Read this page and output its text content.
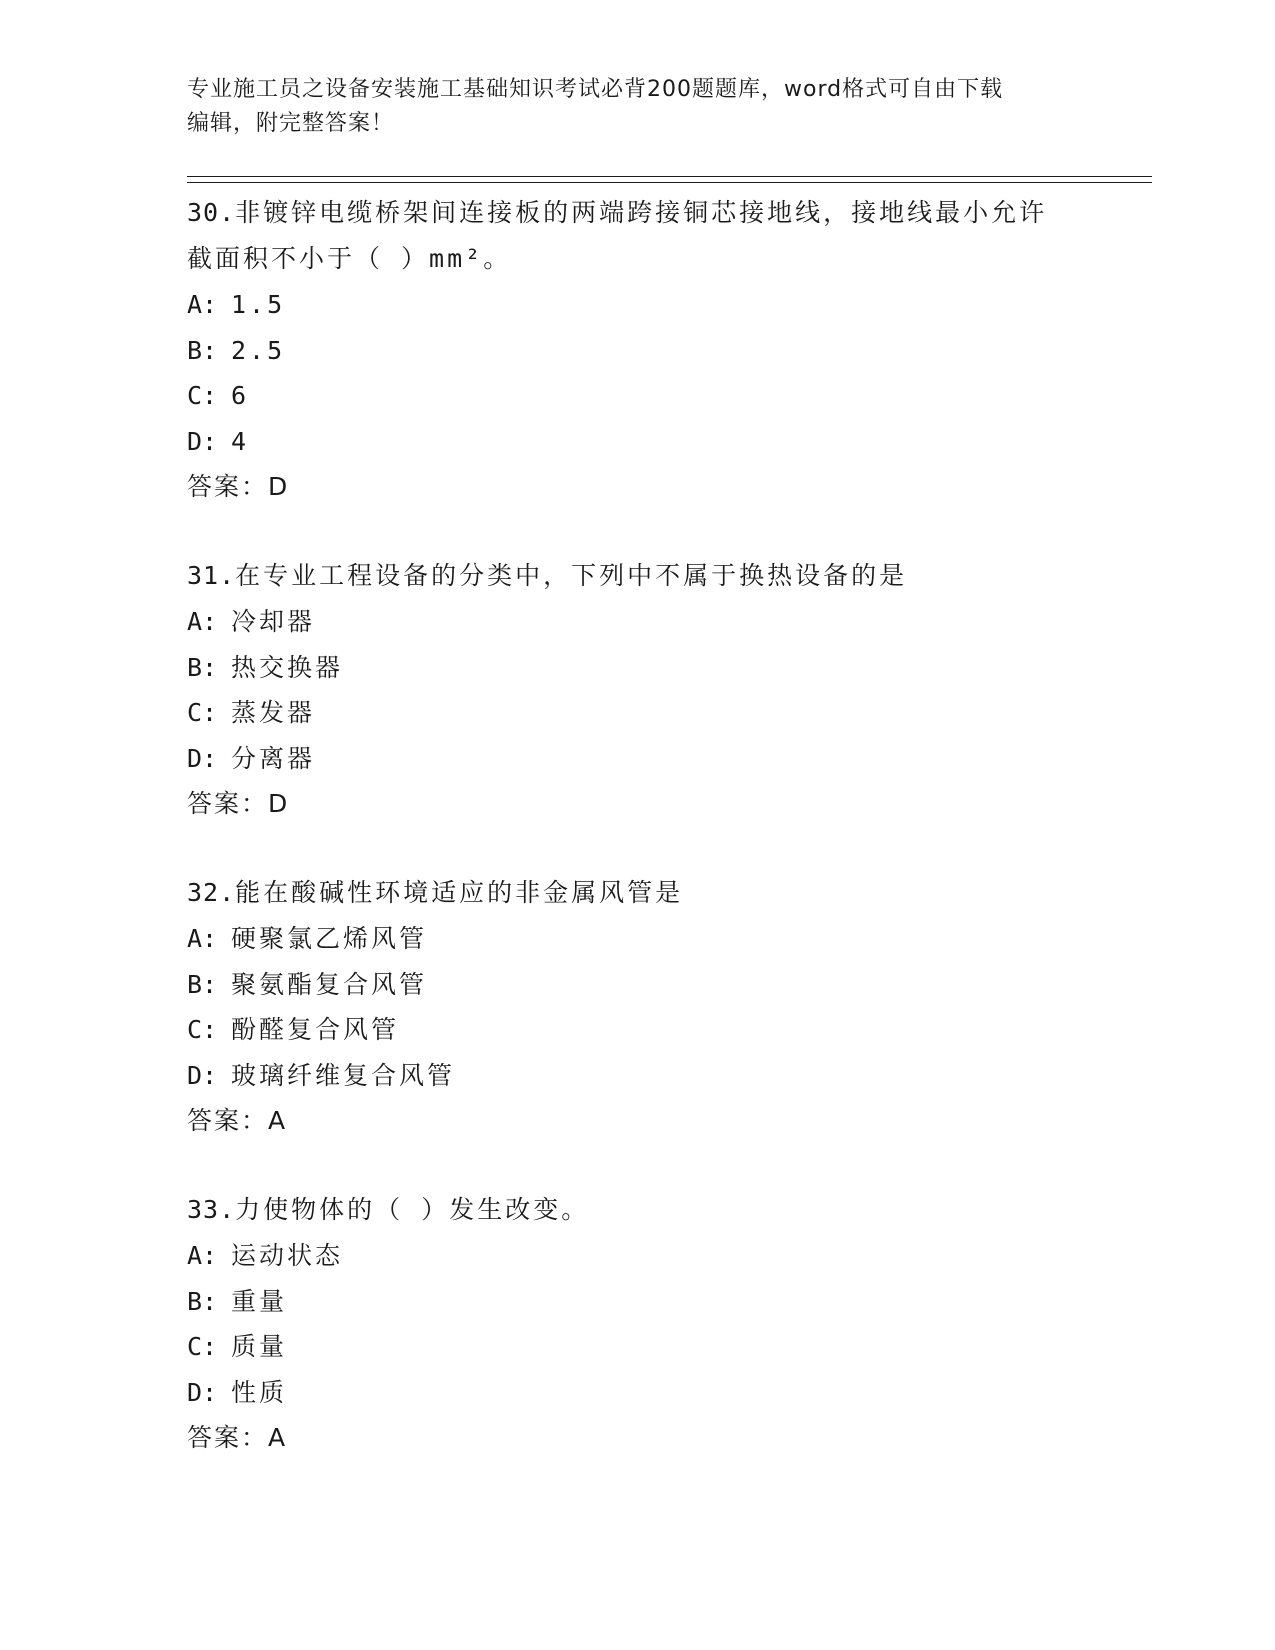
专业施工员之设备安装施工基础知识考试必背200题题库，word格式可自由下载
编辑，附完整答案！

30.非镀锌电缆桥架间连接板的两端跨接铜芯接地线，接地线最小允许

截面积不小于（ ）mm²。

A: 1.5
B: 2.5
C: 6
D: 4
答案：D

31.在专业工程设备的分类中，下列中不属于换热设备的是

A: 冷却器
B: 热交换器
C: 蒸发器
D: 分离器
答案：D

32.能在酸碱性环境适应的非金属风管是

A: 硬聚氯乙烯风管
B: 聚氨酯复合风管
C: 酚醛复合风管
D: 玻璃纤维复合风管
答案：A

33.力使物体的（ ）发生改变。

A: 运动状态
B: 重量
C: 质量
D: 性质
答案：A
